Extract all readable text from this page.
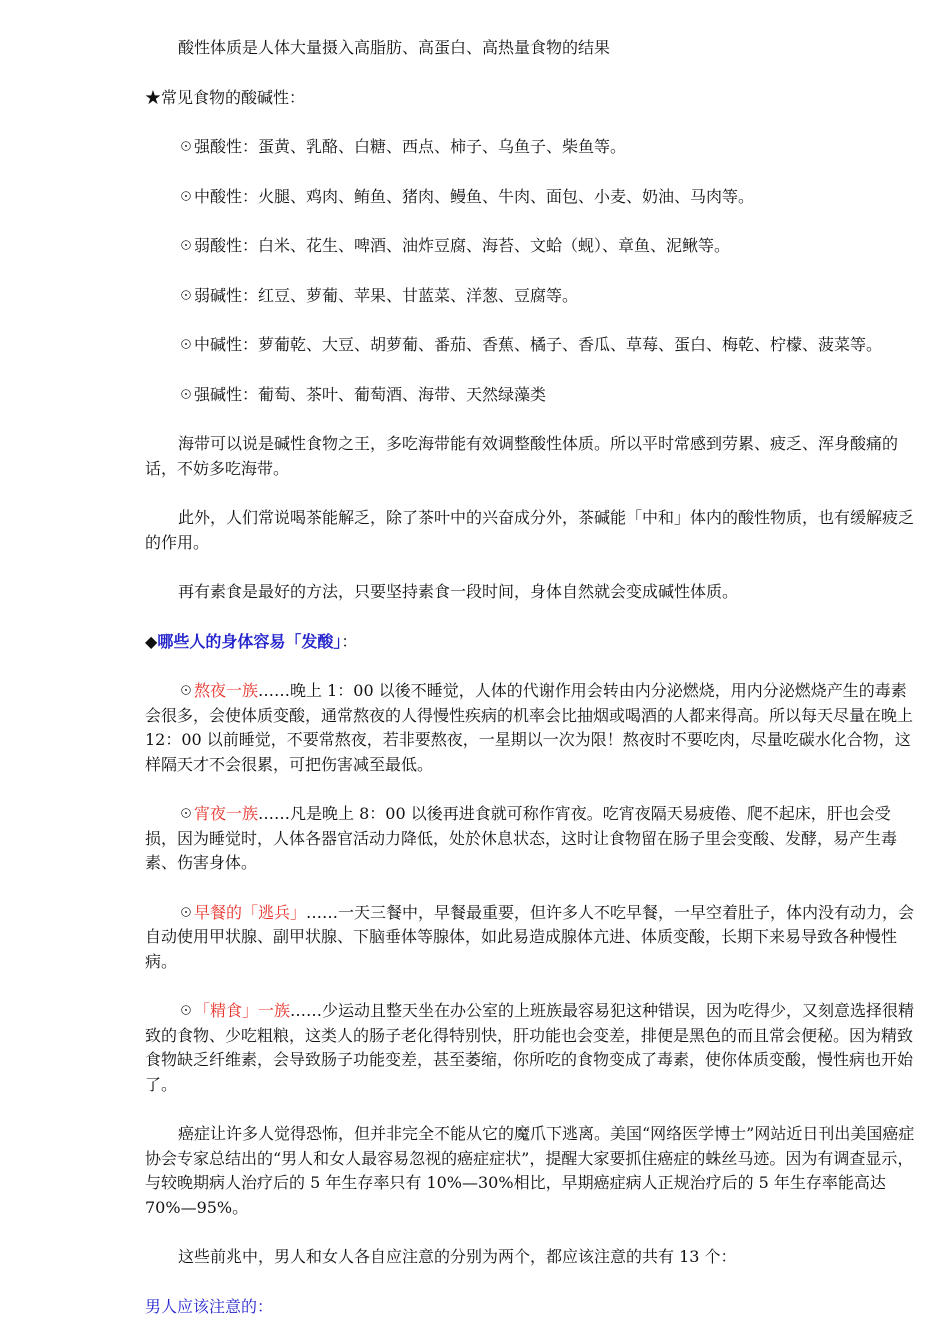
酸性体质是人体大量摄入高脂肪、高蛋白、高热量食物的结果

★常见食物的酸碱性：

☉强酸性：蛋黄、乳酪、白糖、西点、柿子、乌鱼子、柴鱼等。

☉中酸性：火腿、鸡肉、鲔鱼、猪肉、鳗鱼、牛肉、面包、小麦、奶油、马肉等。

☉弱酸性：白米、花生、啤酒、油炸豆腐、海苔、文蛤（蚬）、章鱼、泥鳅等。

☉弱碱性：红豆、萝葡、苹果、甘蓝菜、洋葱、豆腐等。

☉中碱性：萝葡乾、大豆、胡萝葡、番茄、香蕉、橘子、香瓜、草莓、蛋白、梅乾、柠檬、菠菜等。

☉强碱性：葡萄、茶叶、葡萄酒、海带、天然绿藻类

海带可以说是碱性食物之王，多吃海带能有效调整酸性体质。所以平时常感到劳累、疲乏、浑身酸痛的话，不妨多吃海带。

此外，人们常说喝茶能解乏，除了茶叶中的兴奋成分外，茶碱能「中和」体内的酸性物质，也有缓解疲乏的作用。

再有素食是最好的方法，只要坚持素食一段时间，身体自然就会变成碱性体质。

◆哪些人的身体容易「发酸」：

☉熬夜一族……晚上 1：00 以後不睡觉，人体的代谢作用会转由内分泌燃烧，用内分泌燃烧产生的毒素会很多，会使体质变酸，通常熬夜的人得慢性疾病的机率会比抽烟或喝酒的人都来得高。所以每天尽量在晚上 12：00 以前睡觉，不要常熬夜，若非要熬夜，一星期以一次为限！熬夜时不要吃肉，尽量吃碳水化合物，这样隔天才不会很累，可把伤害减至最低。

☉宵夜一族……凡是晚上 8：00 以後再进食就可称作宵夜。吃宵夜隔天易疲倦、爬不起床，肝也会受损，因为睡觉时，人体各器官活动力降低，处於休息状态，这时让食物留在肠子里会变酸、发酵，易产生毒素、伤害身体。

☉早餐的「逃兵」……一天三餐中，早餐最重要，但许多人不吃早餐，一早空着肚子，体内没有动力，会自动使用甲状腺、副甲状腺、下脑垂体等腺体，如此易造成腺体亢进、体质变酸，长期下来易导致各种慢性病。

☉「精食」一族……少运动且整天坐在办公室的上班族最容易犯这种错误，因为吃得少，又刻意选择很精致的食物、少吃粗粮，这类人的肠子老化得特别快，肝功能也会变差，排便是黑色的而且常会便秘。因为精致食物缺乏纤维素，会导致肠子功能变差，甚至萎缩，你所吃的食物变成了毒素，使你体质变酸，慢性病也开始了。

癌症让许多人觉得恐怖，但并非完全不能从它的魔爪下逃离。美国“网络医学博士”网站近日刊出美国癌症协会专家总结出的“男人和女人最容易忽视的癌症症状”，提醒大家要抓住癌症的蛛丝马迹。因为有调查显示，与较晚期病人治疗后的 5 年生存率只有 10%—30%相比，早期癌症病人正规治疗后的 5 年生存率能高达 70%—95%。

这些前兆中，男人和女人各自应注意的分别为两个，都应该注意的共有 13 个：

男人应该注意的：
